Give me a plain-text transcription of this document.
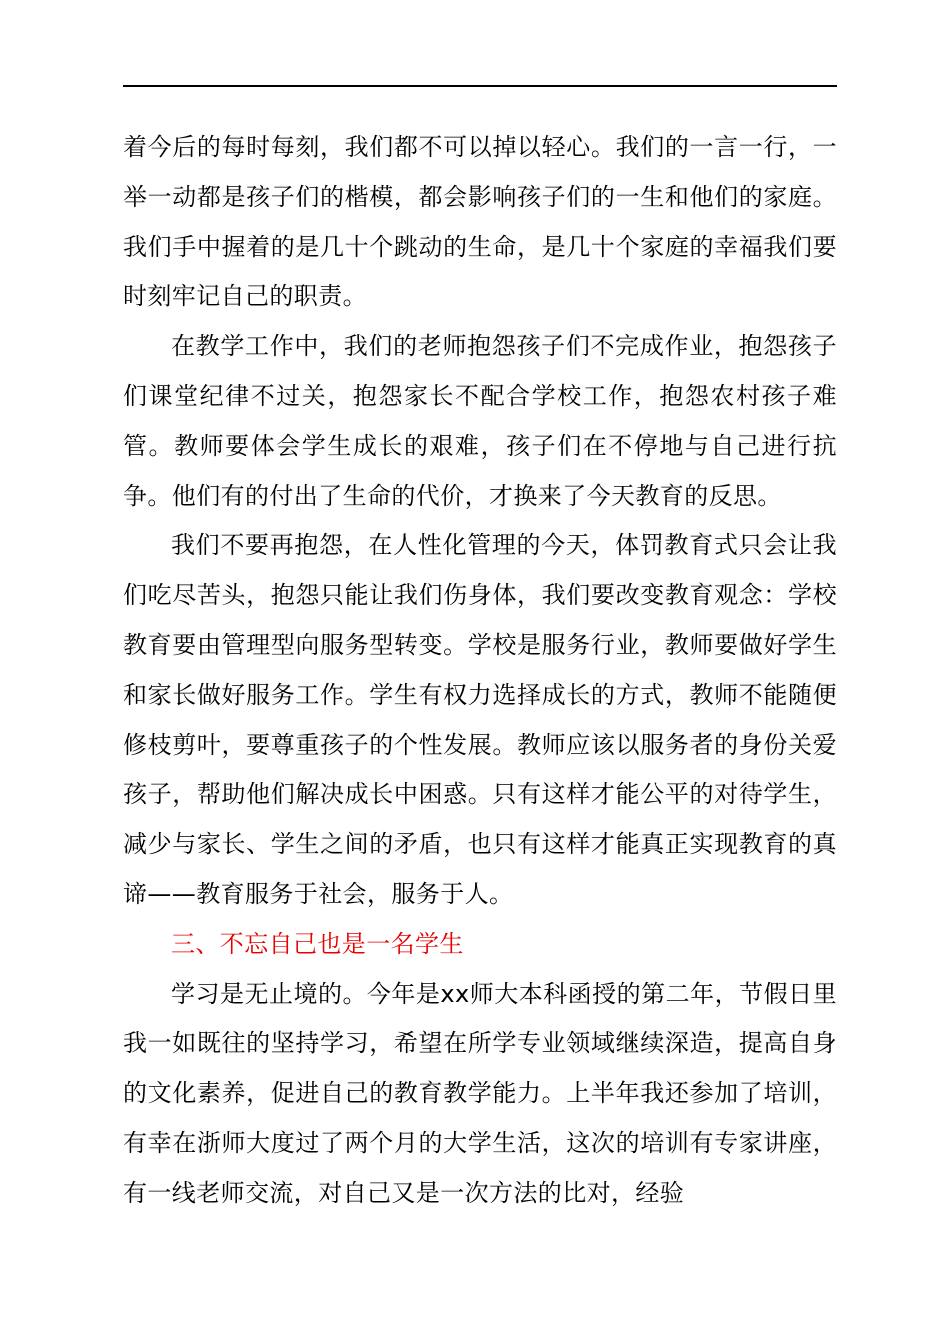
着今后的每时每刻，我们都不可以掉以轻心。我们的一言一行，一举一动都是孩子们的楷模，都会影响孩子们的一生和他们的家庭。我们手中握着的是几十个跳动的生命，是几十个家庭的幸福我们要时刻牢记自己的职责。

在教学工作中，我们的老师抱怨孩子们不完成作业，抱怨孩子们课堂纪律不过关，抱怨家长不配合学校工作，抱怨农村孩子难管。教师要体会学生成长的艰难，孩子们在不停地与自己进行抗争。他们有的付出了生命的代价，才换来了今天教育的反思。

我们不要再抱怨，在人性化管理的今天，体罚教育式只会让我们吃尽苦头，抱怨只能让我们伤身体，我们要改变教育观念：学校教育要由管理型向服务型转变。学校是服务行业，教师要做好学生和家长做好服务工作。学生有权力选择成长的方式，教师不能随便修枝剪叶，要尊重孩子的个性发展。教师应该以服务者的身份关爱孩子，帮助他们解决成长中困惑。只有这样才能公平的对待学生，减少与家长、学生之间的矛盾，也只有这样才能真正实现教育的真谛——教育服务于社会，服务于人。

三、不忘自己也是一名学生

学习是无止境的。今年是xx师大本科函授的第二年，节假日里我一如既往的坚持学习，希望在所学专业领域继续深造，提高自身的文化素养，促进自己的教育教学能力。上半年我还参加了培训，有幸在浙师大度过了两个月的大学生活，这次的培训有专家讲座，有一线老师交流，对自己又是一次方法的比对，经验
